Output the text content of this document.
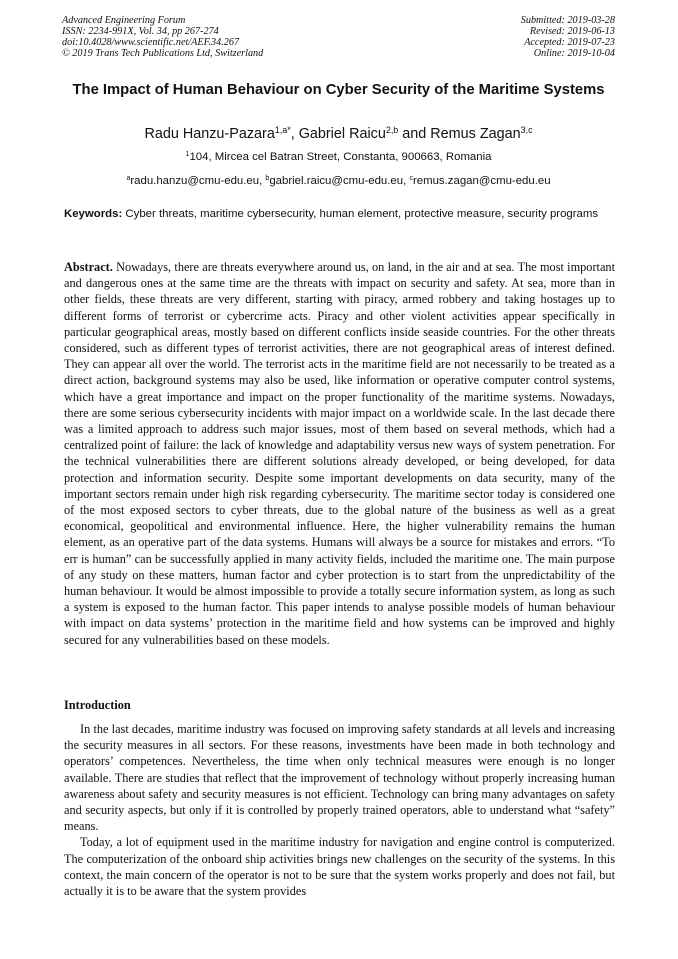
Advanced Engineering Forum
ISSN: 2234-991X, Vol. 34, pp 267-274
doi:10.4028/www.scientific.net/AEF.34.267
© 2019 Trans Tech Publications Ltd, Switzerland
Submitted: 2019-03-28
Revised: 2019-06-13
Accepted: 2019-07-23
Online: 2019-10-04
The Impact of Human Behaviour on Cyber Security of the Maritime Systems
Radu Hanzu-Pazara$^{1,a*}$, Gabriel Raicu$^{2,b}$ and Remus Zagan$^{3,c}$
$^1$104, Mircea cel Batran Street, Constanta, 900663, Romania
$^a$radu.hanzu@cmu-edu.eu, $^b$gabriel.raicu@cmu-edu.eu, $^c$remus.zagan@cmu-edu.eu
Keywords: Cyber threats, maritime cybersecurity, human element, protective measure, security programs
Abstract. Nowadays, there are threats everywhere around us, on land, in the air and at sea. The most important and dangerous ones at the same time are the threats with impact on security and safety. At sea, more than in other fields, these threats are very different, starting with piracy, armed robbery and taking hostages up to different forms of terrorist or cybercrime acts. Piracy and other violent activities appear specifically in particular geographical areas, mostly based on different conflicts inside seaside countries. For the other threats considered, such as different types of terrorist activities, there are not geographical areas of interest defined. They can appear all over the world. The terrorist acts in the maritime field are not necessarily to be treated as a direct action, background systems may also be used, like information or operative computer control systems, which have a great importance and impact on the proper functionality of the maritime systems. Nowadays, there are some serious cybersecurity incidents with major impact on a worldwide scale. In the last decade there was a limited approach to address such major issues, most of them based on several methods, which had a centralized point of failure: the lack of knowledge and adaptability versus new ways of system penetration. For the technical vulnerabilities there are different solutions already developed, or being developed, for data protection and information security. Despite some important developments on data security, many of the important sectors remain under high risk regarding cybersecurity. The maritime sector today is considered one of the most exposed sectors to cyber threats, due to the global nature of the business as well as a great economical, geopolitical and environmental influence. Here, the higher vulnerability remains the human element, as an operative part of the data systems. Humans will always be a source for mistakes and errors. “To err is human” can be successfully applied in many activity fields, included the maritime one. The main purpose of any study on these matters, human factor and cyber protection is to start from the unpredictability of the human behaviour. It would be almost impossible to provide a totally secure information system, as long as such a system is exposed to the human factor. This paper intends to analyse possible models of human behaviour with impact on data systems’ protection in the maritime field and how systems can be improved and highly secured for any vulnerabilities based on these models.
Introduction

In the last decades, maritime industry was focused on improving safety standards at all levels and increasing the security measures in all sectors. For these reasons, investments have been made in both technology and operators’ competences. Nevertheless, the time when only technical measures were enough is no longer available. There are studies that reflect that the improvement of technology without properly increasing human awareness about safety and security measures is not efficient. Technology can bring many advantages on safety and security aspects, but only if it is controlled by properly trained operators, able to understand what “safety” means.

Today, a lot of equipment used in the maritime industry for navigation and engine control is computerized. The computerization of the onboard ship activities brings new challenges on the security of the systems. In this context, the main concern of the operator is not to be sure that the system works properly and does not fail, but actually it is to be aware that the system provides
